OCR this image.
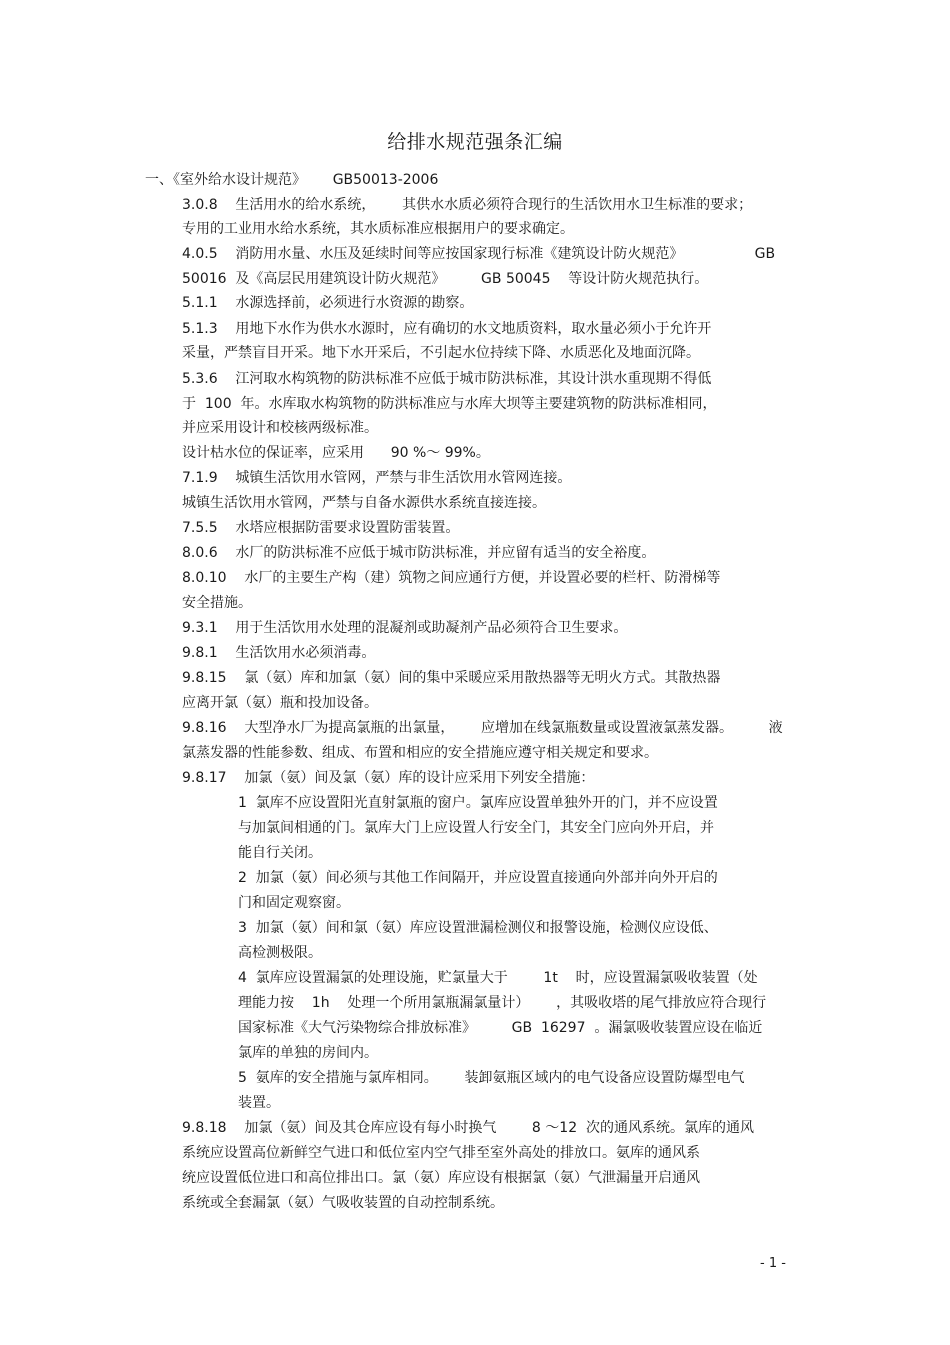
给排水规范强条汇编
一、《室外给水设计规范》      GB50013-2006
3.0.8    生活用水的给水系统，      其供水水质必须符合现行的生活饮用水卫生标准的要求；
专用的工业用水给水系统，其水质标准应根据用户的要求确定。
4.0.5    消防用水量、水压及延续时间等应按国家现行标准《建筑设计防火规范》                GB
50016  及《高层民用建筑设计防火规范》        GB 50045    等设计防火规范执行。
5.1.1    水源选择前，必须进行水资源的勘察。
5.1.3    用地下水作为供水水源时，应有确切的水文地质资料，取水量必须小于允许开
采量，严禁盲目开采。地下水开采后，不引起水位持续下降、水质恶化及地面沉降。
5.3.6    江河取水构筑物的防洪标准不应低于城市防洪标准，其设计洪水重现期不得低
于  100  年。水库取水构筑物的防洪标准应与水库大坝等主要建筑物的防洪标准相同，
并应采用设计和校核两级标准。
设计枯水位的保证率，应采用      90 %～ 99%。
7.1.9    城镇生活饮用水管网，严禁与非生活饮用水管网连接。
城镇生活饮用水管网，严禁与自备水源供水系统直接连接。
7.5.5    水塔应根据防雷要求设置防雷装置。
8.0.6    水厂的防洪标准不应低于城市防洪标准，并应留有适当的安全裕度。
8.0.10    水厂的主要生产构（建）筑物之间应通行方便，并设置必要的栏杆、防滑梯等
安全措施。
9.3.1    用于生活饮用水处理的混凝剂或助凝剂产品必须符合卫生要求。
9.8.1    生活饮用水必须消毒。
9.8.15    氯（氨）库和加氯（氨）间的集中采暖应采用散热器等无明火方式。其散热器
应离开氯（氨）瓶和投加设备。
9.8.16    大型净水厂为提高氯瓶的出氯量，      应增加在线氯瓶数量或设置液氯蒸发器。        液
氯蒸发器的性能参数、组成、布置和相应的安全措施应遵守相关规定和要求。
9.8.17    加氯（氨）间及氯（氨）库的设计应采用下列安全措施：
1  氯库不应设置阳光直射氯瓶的窗户。氯库应设置单独外开的门，并不应设置
与加氯间相通的门。氯库大门上应设置人行安全门，其安全门应向外开启，并
能自行关闭。
2  加氯（氨）间必须与其他工作间隔开，并应设置直接通向外部并向外开启的
门和固定观察窗。
3  加氯（氨）间和氯（氨）库应设置泄漏检测仪和报警设施，检测仪应设低、
高检测极限。
4  氯库应设置漏氯的处理设施，贮氯量大于        1t    时，应设置漏氯吸收装置（处
理能力按    1h    处理一个所用氯瓶漏氯量计）      ，其吸收塔的尾气排放应符合现行
国家标准《大气污染物综合排放标准》        GB  16297  。漏氯吸收装置应设在临近
氯库的单独的房间内。
5  氨库的安全措施与氯库相同。      装卸氨瓶区域内的电气设备应设置防爆型电气
装置。
9.8.18    加氯（氨）间及其仓库应设有每小时换气        8 ～12  次的通风系统。氯库的通风
系统应设置高位新鲜空气进口和低位室内空气排至室外高处的排放口。氨库的通风系
统应设置低位进口和高位排出口。氯（氨）库应设有根据氯（氨）气泄漏量开启通风
系统或全套漏氯（氨）气吸收装置的自动控制系统。
- 1 -
